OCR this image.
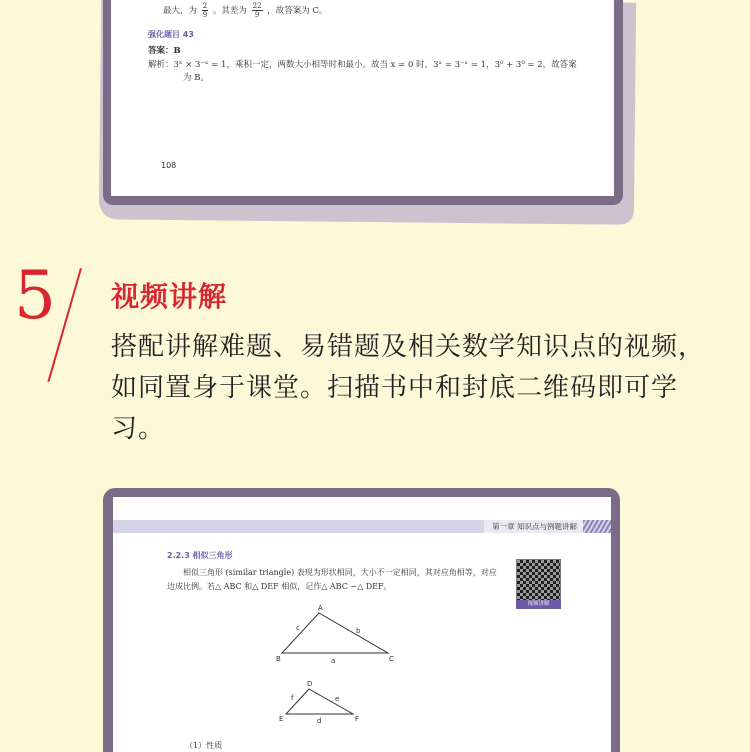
最大，为 $\frac{2}{9}$ 。其差为 $\frac{22}{9}$ ，故答案为 C。
强化题目 43
答案：B
解析：3ˣ × 3⁻ˣ = 1，乘积一定，两数大小相等时和最小。故当 x = 0 时，3ˣ = 3⁻ˣ = 1，3⁰ + 3⁰ = 2，故答案
为 B。
108
5 视频讲解
搭配讲解难题、易错题及相关数学知识点的视频，如同置身于课堂。扫描书中和封底二维码即可学习。
第一章 知识点与例题讲解
2.2.3 相似三角形
相似三角形 (similar triangle) 表现为形状相同，大小不一定相同，其对应角相等，对应
边成比例。若△ ABC 和△ DEF 相似，记作△ ABC ∽△ DEF。
视频讲解
A
B	C
a
b
c
D
E	F
d
e
f
（1）性质
